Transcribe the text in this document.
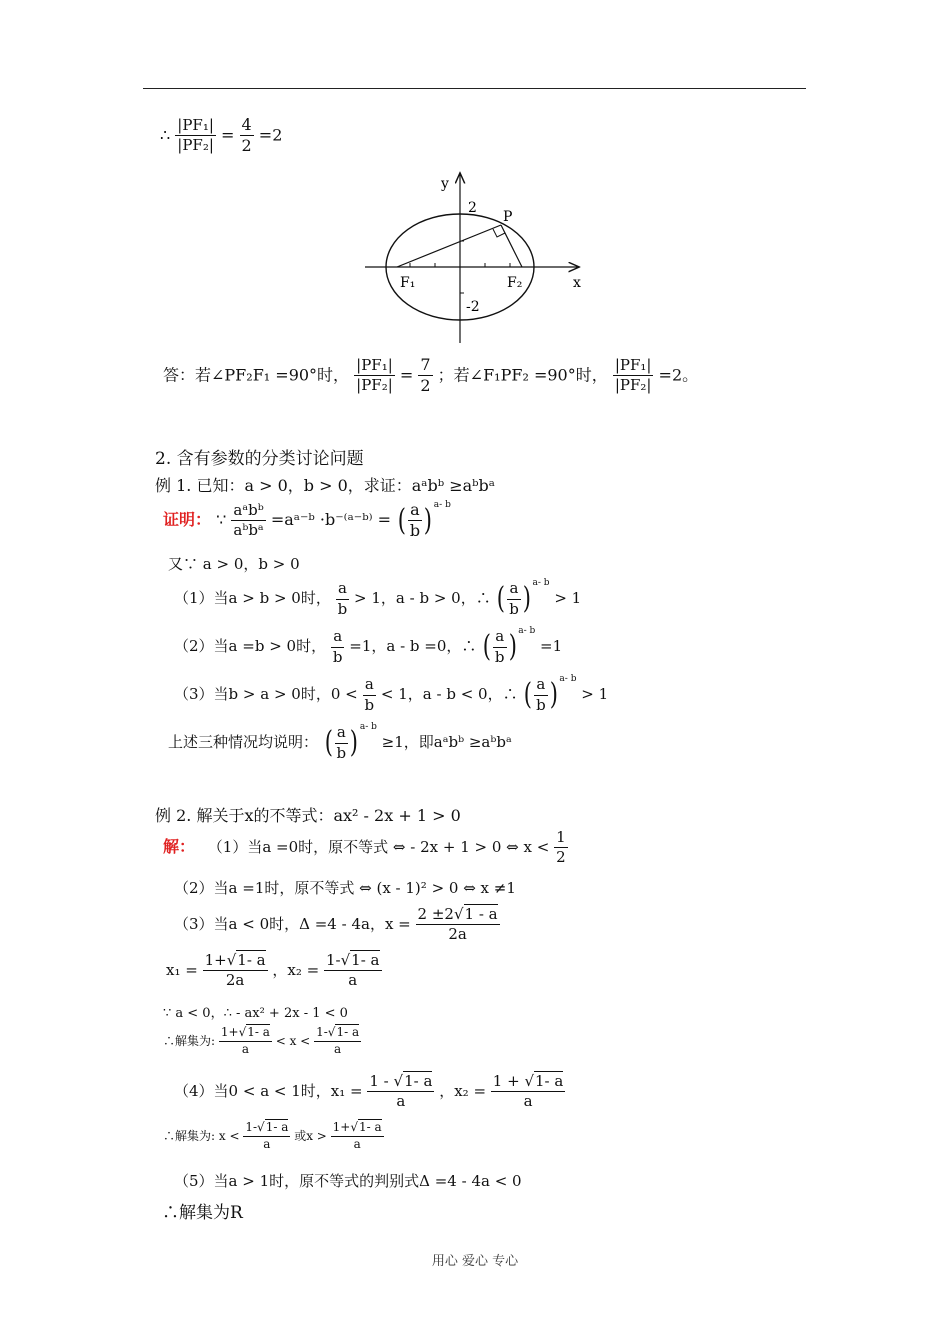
∴ $\frac{\text{|PF₁|}}{\text{|PF₂|}} = \frac{4}{2} =2$
y
x
P
2
-2
F₁	F₂
答：若∠PF₂F₁ =90°时， $\frac{\text{|PF₁|}}{\text{|PF₂|}} = \frac{7}{2}$ ；若∠F₁PF₂ =90°时， $\frac{\text{|PF₁|}}{\text{|PF₂|}} =2$。
2. 含有参数的分类讨论问题
例 1. 已知：a > 0，b > 0，求证：aᵃbᵇ ≥aᵇbᵃ
证明： ∵ $\frac{\text{aᵃbᵇ}}{\text{aᵇbᵃ}}$ =aᵃ⁻ᵇ ·b⁻⁽ᵃ⁻ᵇ⁾ = ( $\frac{a}{b}$ ) $^{a- b}$
又∵ a > 0，b > 0
（1）当a > b > 0时， $\frac{a}{b} > 1$，a - b > 0，∴ ( $\frac{a}{b}$ ) $^{a- b}$ > 1
（2）当a =b > 0时， $\frac{a}{b} =1$，a - b =0，∴ ( $\frac{a}{b}$ ) $^{a- b}$ =1
（3）当b > a > 0时，$0 < \frac{a}{b} < 1$，a - b < 0，∴ ( $\frac{a}{b}$ ) $^{a- b}$ > 1
上述三种情况均说明： ( $\frac{a}{b}$ ) $^{a- b}$ ≥1，即aᵃbᵇ ≥aᵇbᵃ
例 2. 解关于x的不等式：ax² - 2x + 1 > 0
解： （1）当a =0时，原不等式 ⇔ - 2x + 1 > 0 ⇔ $x < \frac{1}{2}$
（2）当a =1时，原不等式 ⇔ (x - 1)² > 0 ⇔ x ≠1
（3）当a < 0时，Δ =4 - 4a，$x = \frac{2 \pm 2√1 - a}{2a}$
$x_1 = \frac{1+√1- a}{2a}$ ，$x_2 = \frac{1-√1- a}{a}$
∵ a < 0，∴ - ax² + 2x - 1 < 0
∴解集为: $\frac{1+√1- a}{a} < x < \frac{1-√1- a}{a}$
（4）当0 < a < 1时，$x_1 = \frac{1 - √1- a}{a}$ ，$x_2 = \frac{1 + √1- a}{a}$
∴解集为: $x < \frac{1-√1- a}{a}$ 或$x > \frac{1+√1- a}{a}$
（5）当a > 1时，原不等式的判别式Δ =4 - 4a < 0
∴解集为R
用心 爱心 专心
